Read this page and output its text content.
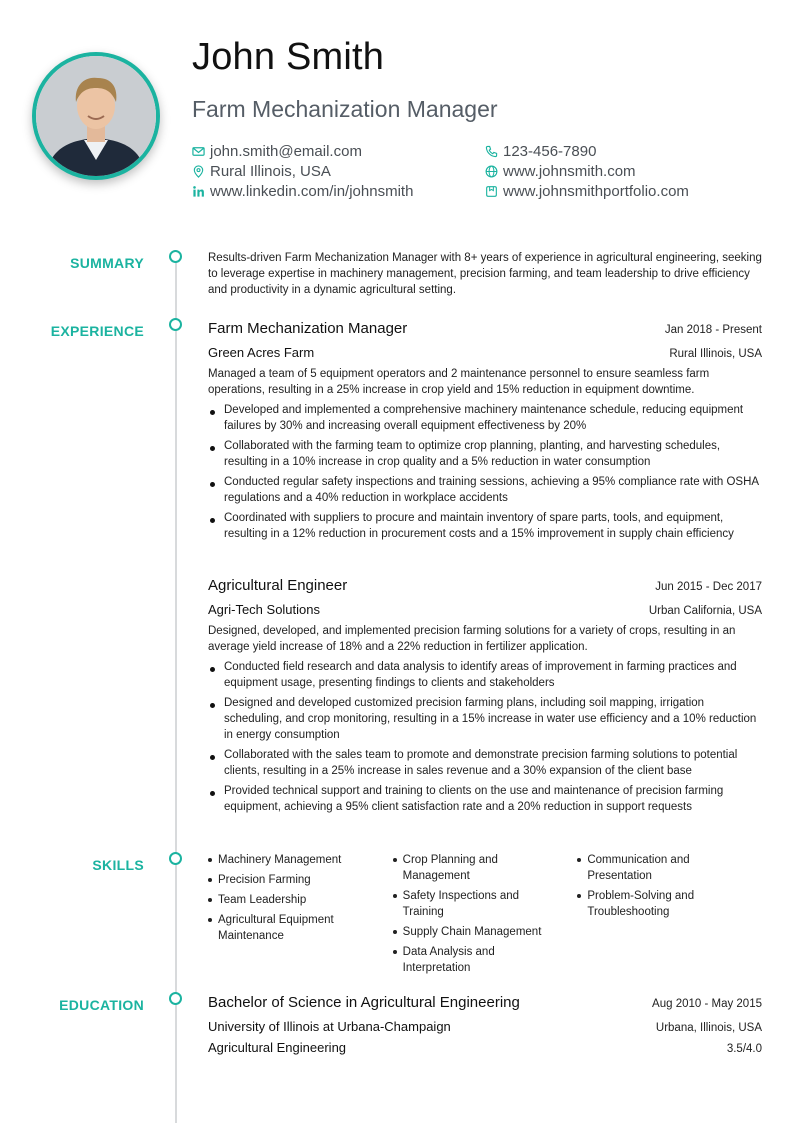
John Smith
Farm Mechanization Manager
john.smith@email.com	123-456-7890
Rural Illinois, USA	www.johnsmith.com
www.linkedin.com/in/johnsmith	www.johnsmithportfolio.com
SUMMARY
EXPERIENCE
SKILLS
EDUCATION
Results-driven Farm Mechanization Manager with 8+ years of experience in agricultural engineering, seeking to leverage expertise in machinery management, precision farming, and team leadership to drive efficiency and productivity in a dynamic agricultural setting.
Farm Mechanization Manager	Jan 2018 - Present
Green Acres Farm	Rural Illinois, USA
Managed a team of 5 equipment operators and 2 maintenance personnel to ensure seamless farm operations, resulting in a 25% increase in crop yield and 15% reduction in equipment downtime.
Developed and implemented a comprehensive machinery maintenance schedule, reducing equipment failures by 30% and increasing overall equipment effectiveness by 20%
Collaborated with the farming team to optimize crop planning, planting, and harvesting schedules, resulting in a 10% increase in crop quality and a 5% reduction in water consumption
Conducted regular safety inspections and training sessions, achieving a 95% compliance rate with OSHA regulations and a 40% reduction in workplace accidents
Coordinated with suppliers to procure and maintain inventory of spare parts, tools, and equipment, resulting in a 12% reduction in procurement costs and a 15% improvement in supply chain efficiency
Agricultural Engineer	Jun 2015 - Dec 2017
Agri-Tech Solutions	Urban California, USA
Designed, developed, and implemented precision farming solutions for a variety of crops, resulting in an average yield increase of 18% and a 22% reduction in fertilizer application.
Conducted field research and data analysis to identify areas of improvement in farming practices and equipment usage, presenting findings to clients and stakeholders
Designed and developed customized precision farming plans, including soil mapping, irrigation scheduling, and crop monitoring, resulting in a 15% increase in water use efficiency and a 10% reduction in energy consumption
Collaborated with the sales team to promote and demonstrate precision farming solutions to potential clients, resulting in a 25% increase in sales revenue and a 30% expansion of the client base
Provided technical support and training to clients on the use and maintenance of precision farming equipment, achieving a 95% client satisfaction rate and a 20% reduction in support requests
Machinery Management
Precision Farming
Team Leadership
Agricultural Equipment Maintenance
Crop Planning and Management
Safety Inspections and Training
Supply Chain Management
Data Analysis and Interpretation
Communication and Presentation
Problem-Solving and Troubleshooting
Bachelor of Science in Agricultural Engineering	Aug 2010 - May 2015
University of Illinois at Urbana-Champaign	Urbana, Illinois, USA
Agricultural Engineering	3.5/4.0
